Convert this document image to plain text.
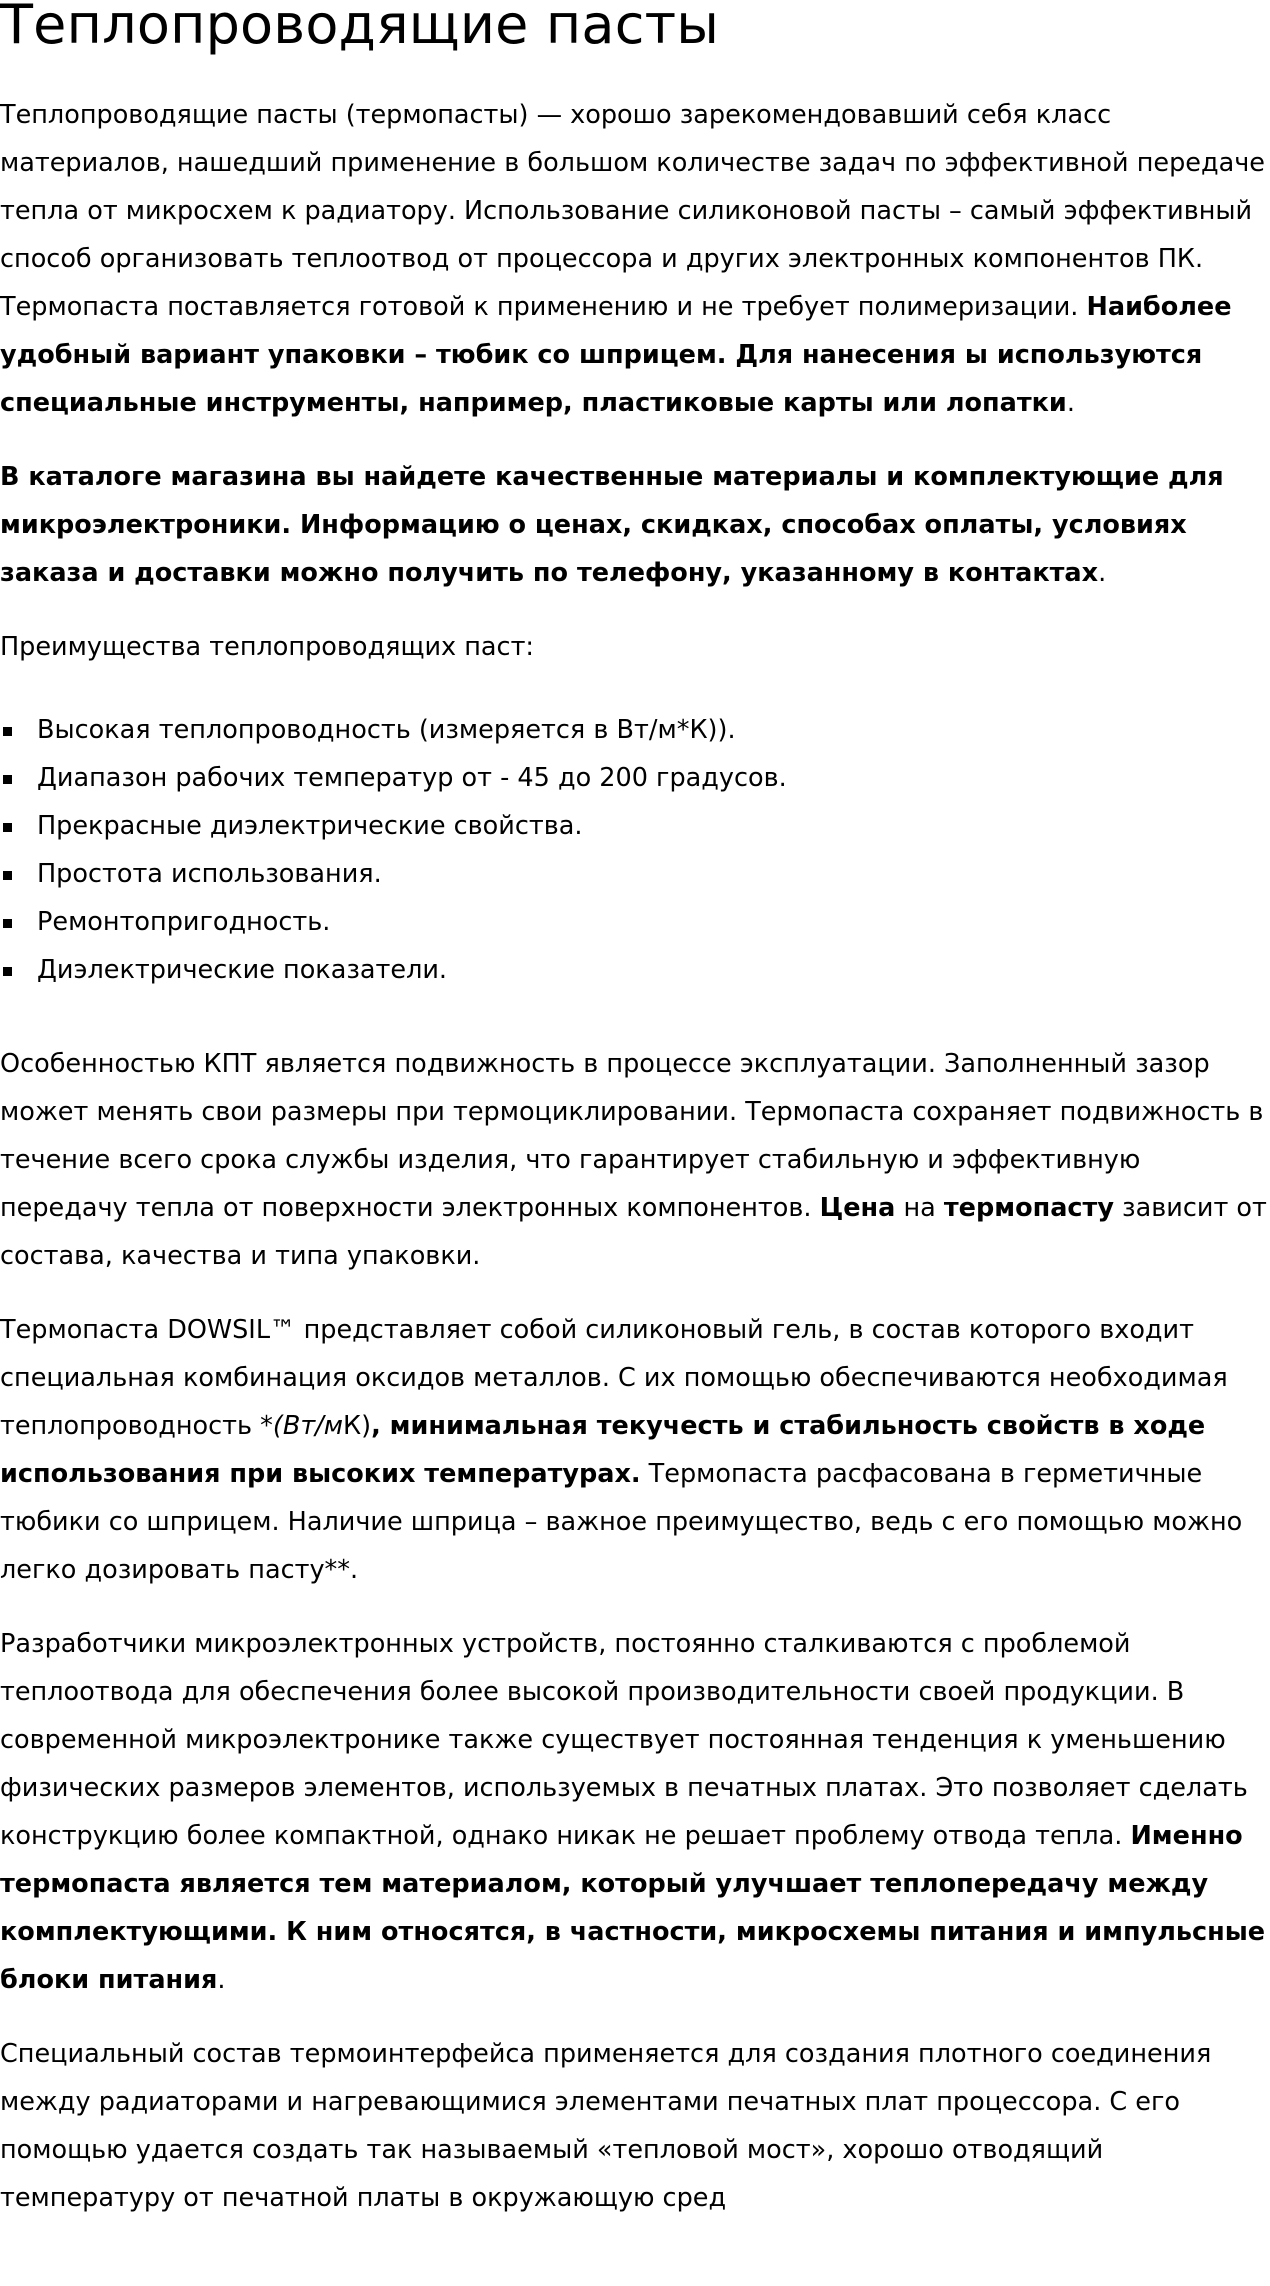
Теплопроводящие пасты

Теплопроводящие пасты (термопасты) — хорошо зарекомендовавший себя класс материалов, нашедший применение в большом количестве задач по эффективной передаче тепла от микросхем к радиатору. Использование силиконовой пасты – самый эффективный способ организовать теплоотвод от процессора и других электронных компонентов ПК. Термопаста поставляется готовой к применению и не требует полимеризации. Наиболее удобный вариант упаковки – тюбик со шприцем. Для нанесения ы используются специальные инструменты, например, пластиковые карты или лопатки.

В каталоге магазина вы найдете качественные материалы и комплектующие для микроэлектроники. Информацию о ценах, скидках, способах оплаты, условиях заказа и доставки можно получить по телефону, указанному в контактах.

Преимущества теплопроводящих паст:

Высокая теплопроводность (измеряется в Вт/м*К)).
Диапазон рабочих температур от - 45 до 200 градусов.
Прекрасные диэлектрические свойства.
Простота использования.
Ремонтопригодность.
Диэлектрические показатели.

Особенностью КПТ является подвижность в процессе эксплуатации. Заполненный зазор может менять свои размеры при термоциклировании. Термопаста сохраняет подвижность в течение всего срока службы изделия, что гарантирует стабильную и эффективную передачу тепла от поверхности электронных компонентов. Цена на термопасту зависит от состава, качества и типа упаковки.

Термопаста DOWSIL™ представляет собой силиконовый гель, в состав которого входит специальная комбинация оксидов металлов. С их помощью обеспечиваются необходимая теплопроводность *(Вт/мК), минимальная текучесть и стабильность свойств в ходе использования при высоких температурах. Термопаста расфасована в герметичные тюбики со шприцем. Наличие шприца – важное преимущество, ведь с его помощью можно легко дозировать пасту**.

Разработчики микроэлектронных устройств, постоянно сталкиваются с проблемой теплоотвода для обеспечения более высокой производительности своей продукции. В современной микроэлектронике также существует постоянная тенденция к уменьшению физических размеров элементов, используемых в печатных платах. Это позволяет сделать конструкцию более компактной, однако никак не решает проблему отвода тепла. Именно термопаста является тем материалом, который улучшает теплопередачу между комплектующими. К ним относятся, в частности, микросхемы питания и импульсные блоки питания.

Специальный состав термоинтерфейса применяется для создания плотного соединения между радиаторами и нагревающимися элементами печатных плат процессора. С его помощью удается создать так называемый «тепловой мост», хорошо отводящий температуру от печатной платы в окружающую сред
